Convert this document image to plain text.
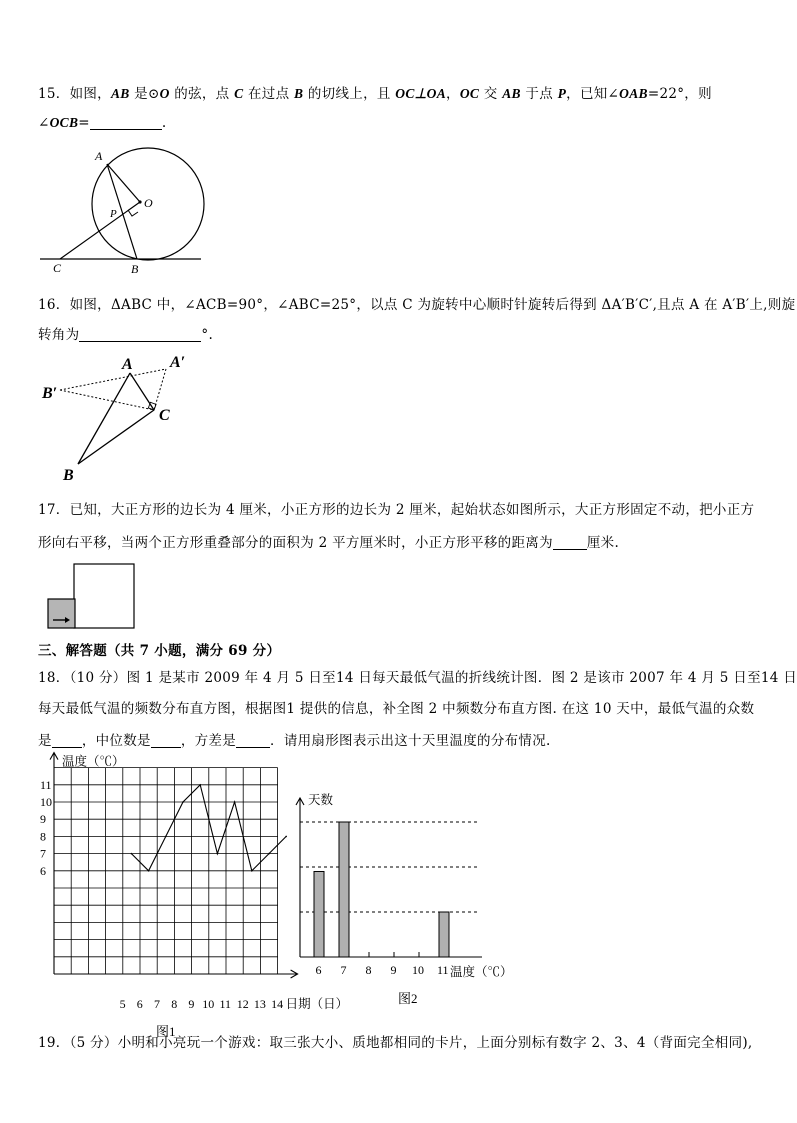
15．如图，AB 是⊙O 的弦，点 C 在过点 B 的切线上，且 OC⊥OA，OC 交 AB 于点 P，已知∠OAB=22°，则
∠OCB=	.
A
O
P
C	B
16．如图，ΔABC 中，∠ACB=90°，∠ABC=25°，以点 C 为旋转中心顺时针旋转后得到 ΔA′B′C′,且点 A 在 A′B′上,则旋
转角为	°.
A A′
B′
C
B
17．已知，大正方形的边长为 4 厘米，小正方形的边长为 2 厘米，起始状态如图所示，大正方形固定不动，把小正方
形向右平移，当两个正方形重叠部分的面积为 2 平方厘米时，小正方形平移的距离为	厘米.
三、解答题（共 7 小题，满分 69 分）
18．（10 分）图 1 是某市 2009 年 4 月 5 日至14 日每天最低气温的折线统计图．图 2 是该市 2007 年 4 月 5 日至14 日
每天最低气温的频数分布直方图，根据图1 提供的信息，补全图 2 中频数分布直方图. 在这 10 天中，最低气温的众数
是 ，中位数是 ，方差是	．请用扇形图表示出这十天里温度的分布情况.
温度（℃）
6
7
8
9
10
11
5 6 7 8 9 10 11 12 13 14 日期（日）
图1
天数
6 7 8 9 10 11 温度（℃）
图2
19．（5 分）小明和小亮玩一个游戏：取三张大小、质地都相同的卡片，上面分别标有数字 2、3、4（背面完全相同),
